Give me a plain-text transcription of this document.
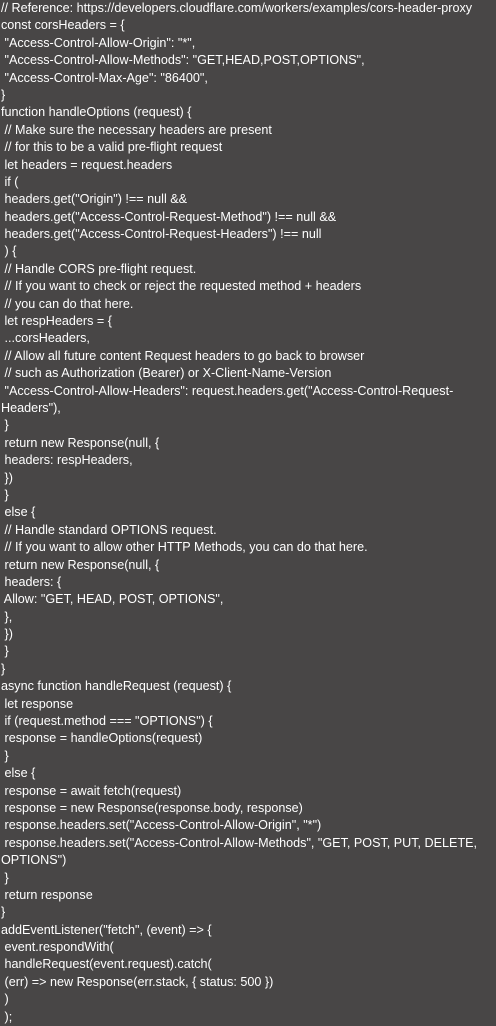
// Reference: https://developers.cloudflare.com/workers/examples/cors-header-proxy
const corsHeaders = {
"Access-Control-Allow-Origin": "*",
"Access-Control-Allow-Methods": "GET,HEAD,POST,OPTIONS",
"Access-Control-Max-Age": "86400",
}
function handleOptions (request) {
// Make sure the necessary headers are present
// for this to be a valid pre-flight request
let headers = request.headers
if (
headers.get("Origin") !== null &&
headers.get("Access-Control-Request-Method") !== null &&
headers.get("Access-Control-Request-Headers") !== null
) {
// Handle CORS pre-flight request.
// If you want to check or reject the requested method + headers
// you can do that here.
let respHeaders = {
...corsHeaders,
// Allow all future content Request headers to go back to browser
// such as Authorization (Bearer) or X-Client-Name-Version
"Access-Control-Allow-Headers": request.headers.get("Access-Control-Request-
Headers"),
}
return new Response(null, {
headers: respHeaders,
})
}
else {
// Handle standard OPTIONS request.
// If you want to allow other HTTP Methods, you can do that here.
return new Response(null, {
headers: {
Allow: "GET, HEAD, POST, OPTIONS",
},
})
}
}
async function handleRequest (request) {
let response
if (request.method === "OPTIONS") {
response = handleOptions(request)
}
else {
response = await fetch(request)
response = new Response(response.body, response)
response.headers.set("Access-Control-Allow-Origin", "*")
response.headers.set("Access-Control-Allow-Methods", "GET, POST, PUT, DELETE,
OPTIONS")
}
return response
}
addEventListener("fetch", (event) => {
event.respondWith(
handleRequest(event.request).catch(
(err) => new Response(err.stack, { status: 500 })
)
);
